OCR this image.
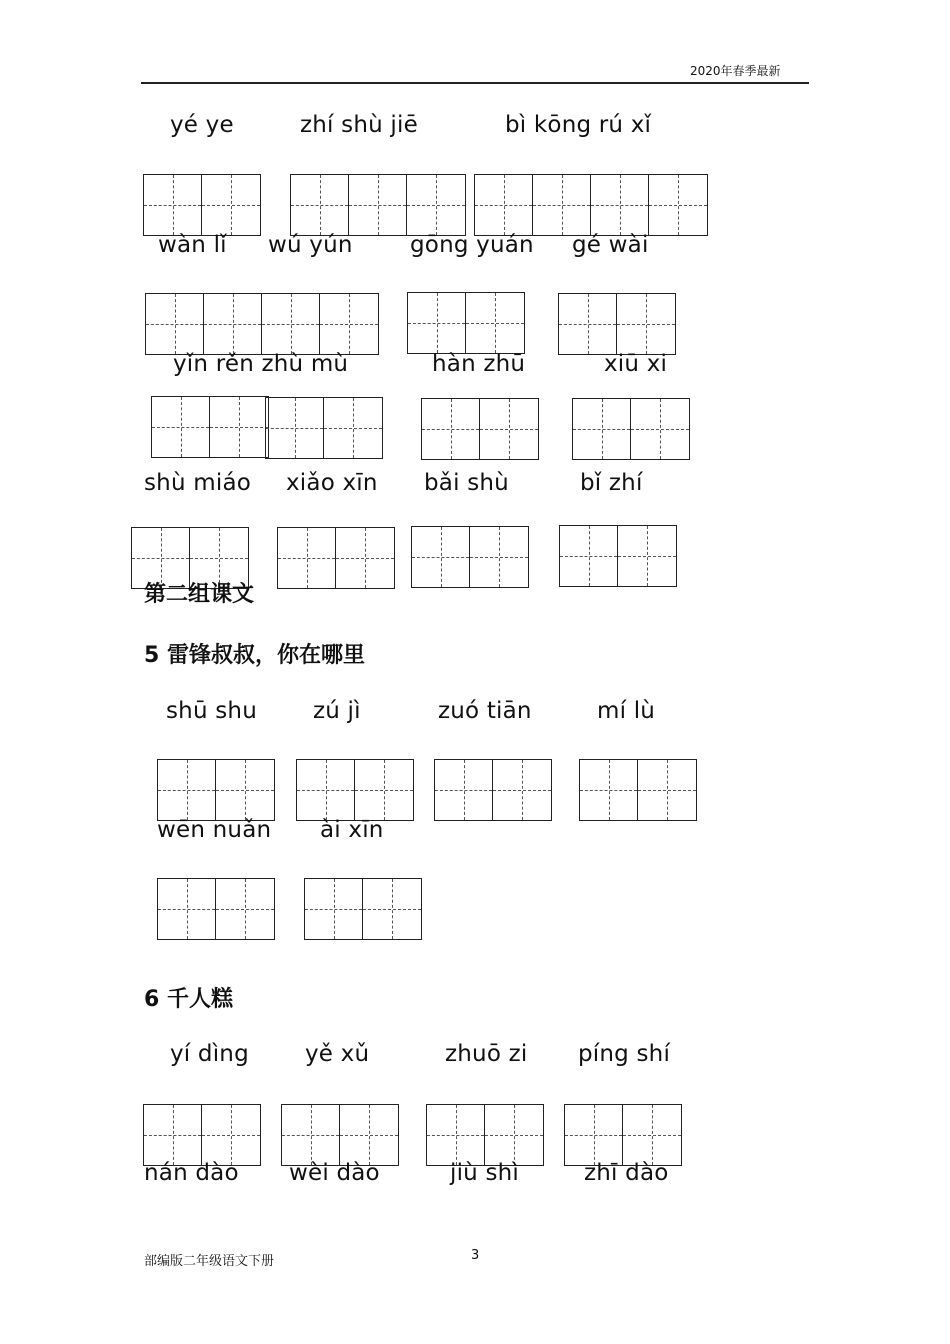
2020年春季最新
yé ye	zhí shù jiē	bì kōng rú xǐ
wàn lǐ wú yún gōng yuán gé wài
yǐn rěn zhù mù	hàn zhū	xiū xi
shù miáo xiǎo xīn bǎi shù	bǐ zhí
第二组课文
5 雷锋叔叔，你在哪里
shū shu zú jì	zuó tiān	mí lù
wēn nuǎn ài xīn
6 千人糕
yí dìng yě xǔ	zhuō zi píng shí
nán dào wèi dào	jiù shì	zhī dào
部编版二年级语文下册	3
